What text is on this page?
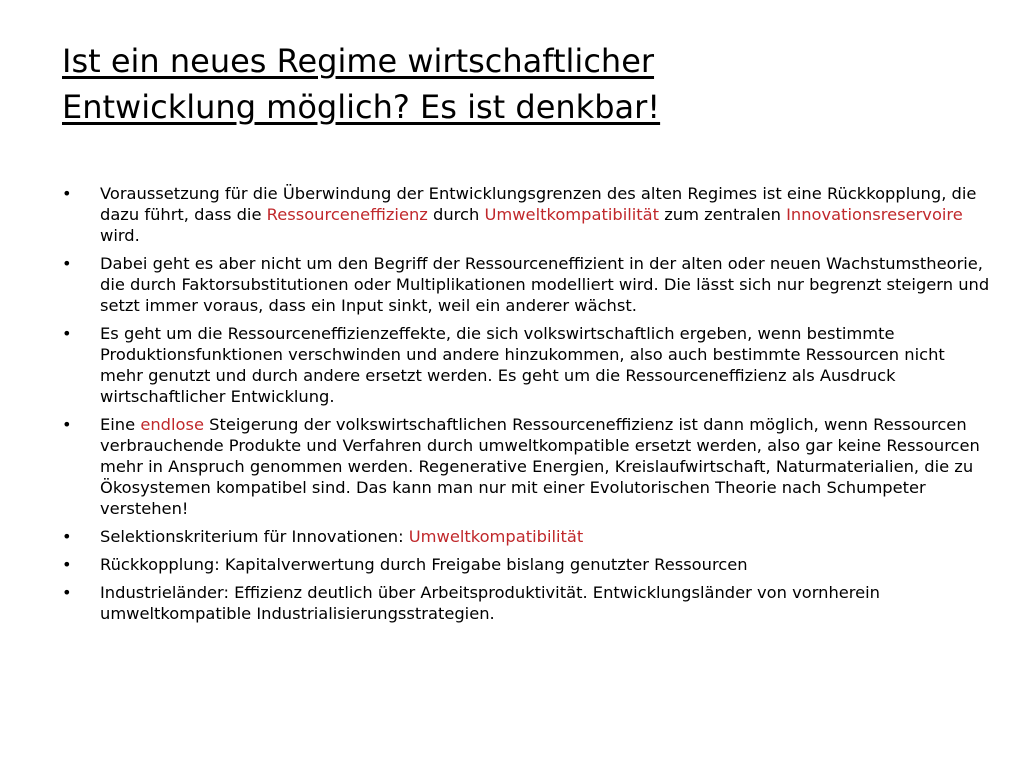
Ist ein neues Regime wirtschaftlicher
Entwicklung möglich? Es ist denkbar!
• Voraussetzung für die Überwindung der Entwicklungsgrenzen des alten Regimes ist eine Rückkopplung, die dazu führt, dass die Ressourceneffizienz durch Umweltkompatibilität zum zentralen Innovationsreservoire wird.
• Dabei geht es aber nicht um den Begriff der Ressourceneffizient in der alten oder neuen Wachstumstheorie, die durch Faktorsubstitutionen oder Multiplikationen modelliert wird. Die lässt sich nur begrenzt steigern und setzt immer voraus, dass ein Input sinkt, weil ein anderer wächst.
• Es geht um die Ressourceneffizienzeffekte, die sich volkswirtschaftlich ergeben, wenn bestimmte Produktionsfunktionen verschwinden und andere hinzukommen, also auch bestimmte Ressourcen nicht mehr genutzt und durch andere ersetzt werden. Es geht um die Ressourceneffizienz als Ausdruck wirtschaftlicher Entwicklung.
• Eine endlose Steigerung der volkswirtschaftlichen Ressourceneffizienz ist dann möglich, wenn Ressourcen verbrauchende Produkte und Verfahren durch umweltkompatible ersetzt werden, also gar keine Ressourcen mehr in Anspruch genommen werden. Regenerative Energien, Kreislaufwirtschaft, Naturmaterialien, die zu Ökosystemen kompatibel sind. Das kann man nur mit einer Evolutorischen Theorie nach Schumpeter verstehen!
• Selektionskriterium für Innovationen: Umweltkompatibilität
• Rückkopplung: Kapitalverwertung durch Freigabe bislang genutzter Ressourcen
• Industrieländer: Effizienz deutlich über Arbeitsproduktivität. Entwicklungsländer von vornherein umweltkompatible Industrialisierungsstrategien.
